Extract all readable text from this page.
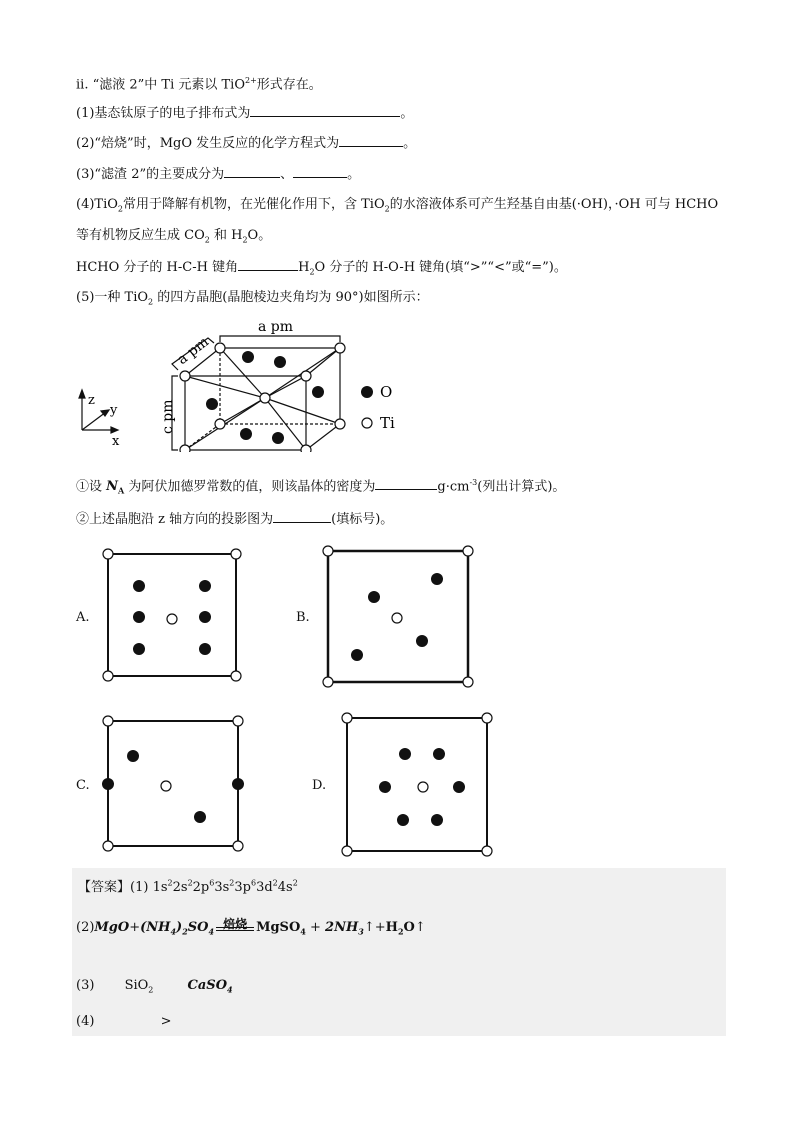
ii. “滤液 2”中 Ti 元素以 TiO$^{2+}$形式存在。
(1)基态钛原子的电子排布式为	。
(2)“焙烧”时，MgO 发生反应的化学方程式为	。
(3)“滤渣 2”的主要成分为	、	。
(4)TiO$_2$常用于降解有机物，在光催化作用下，含 TiO$_2$的水溶液体系可产生羟基自由基(·OH)，·OH 可与 HCHO
等有机物反应生成 $CO_2$ 和 $H_2O$。
HCHO 分子的 H-C-H 键角	$H_2O$ 分子的 H-O-H 键角(填“>”“<”或“=”)。
(5)一种 TiO$_2$ 的四方晶胞(晶胞棱边夹角均为 90°)如图所示：
O
Ti
a pm
a pm
c pm
z
y
x
①设 $N_A$ 为阿伏加德罗常数的值，则该晶体的密度为	$g\cdot cm^{-3}$(列出计算式)。
②上述晶胞沿 z 轴方向的投影图为	(填标号)。
A.	B.
C.	D.
【答案】(1) $1s^22s^22p^63s^23p^63d^24s^2$
$(2)MgO+(NH_4)_2SO_4$
焙烧 MgSO$_4$ + $2NH_3↑+H_2O↑$
(3) SiO$_2$	CaSO$_4$
(4)	>
